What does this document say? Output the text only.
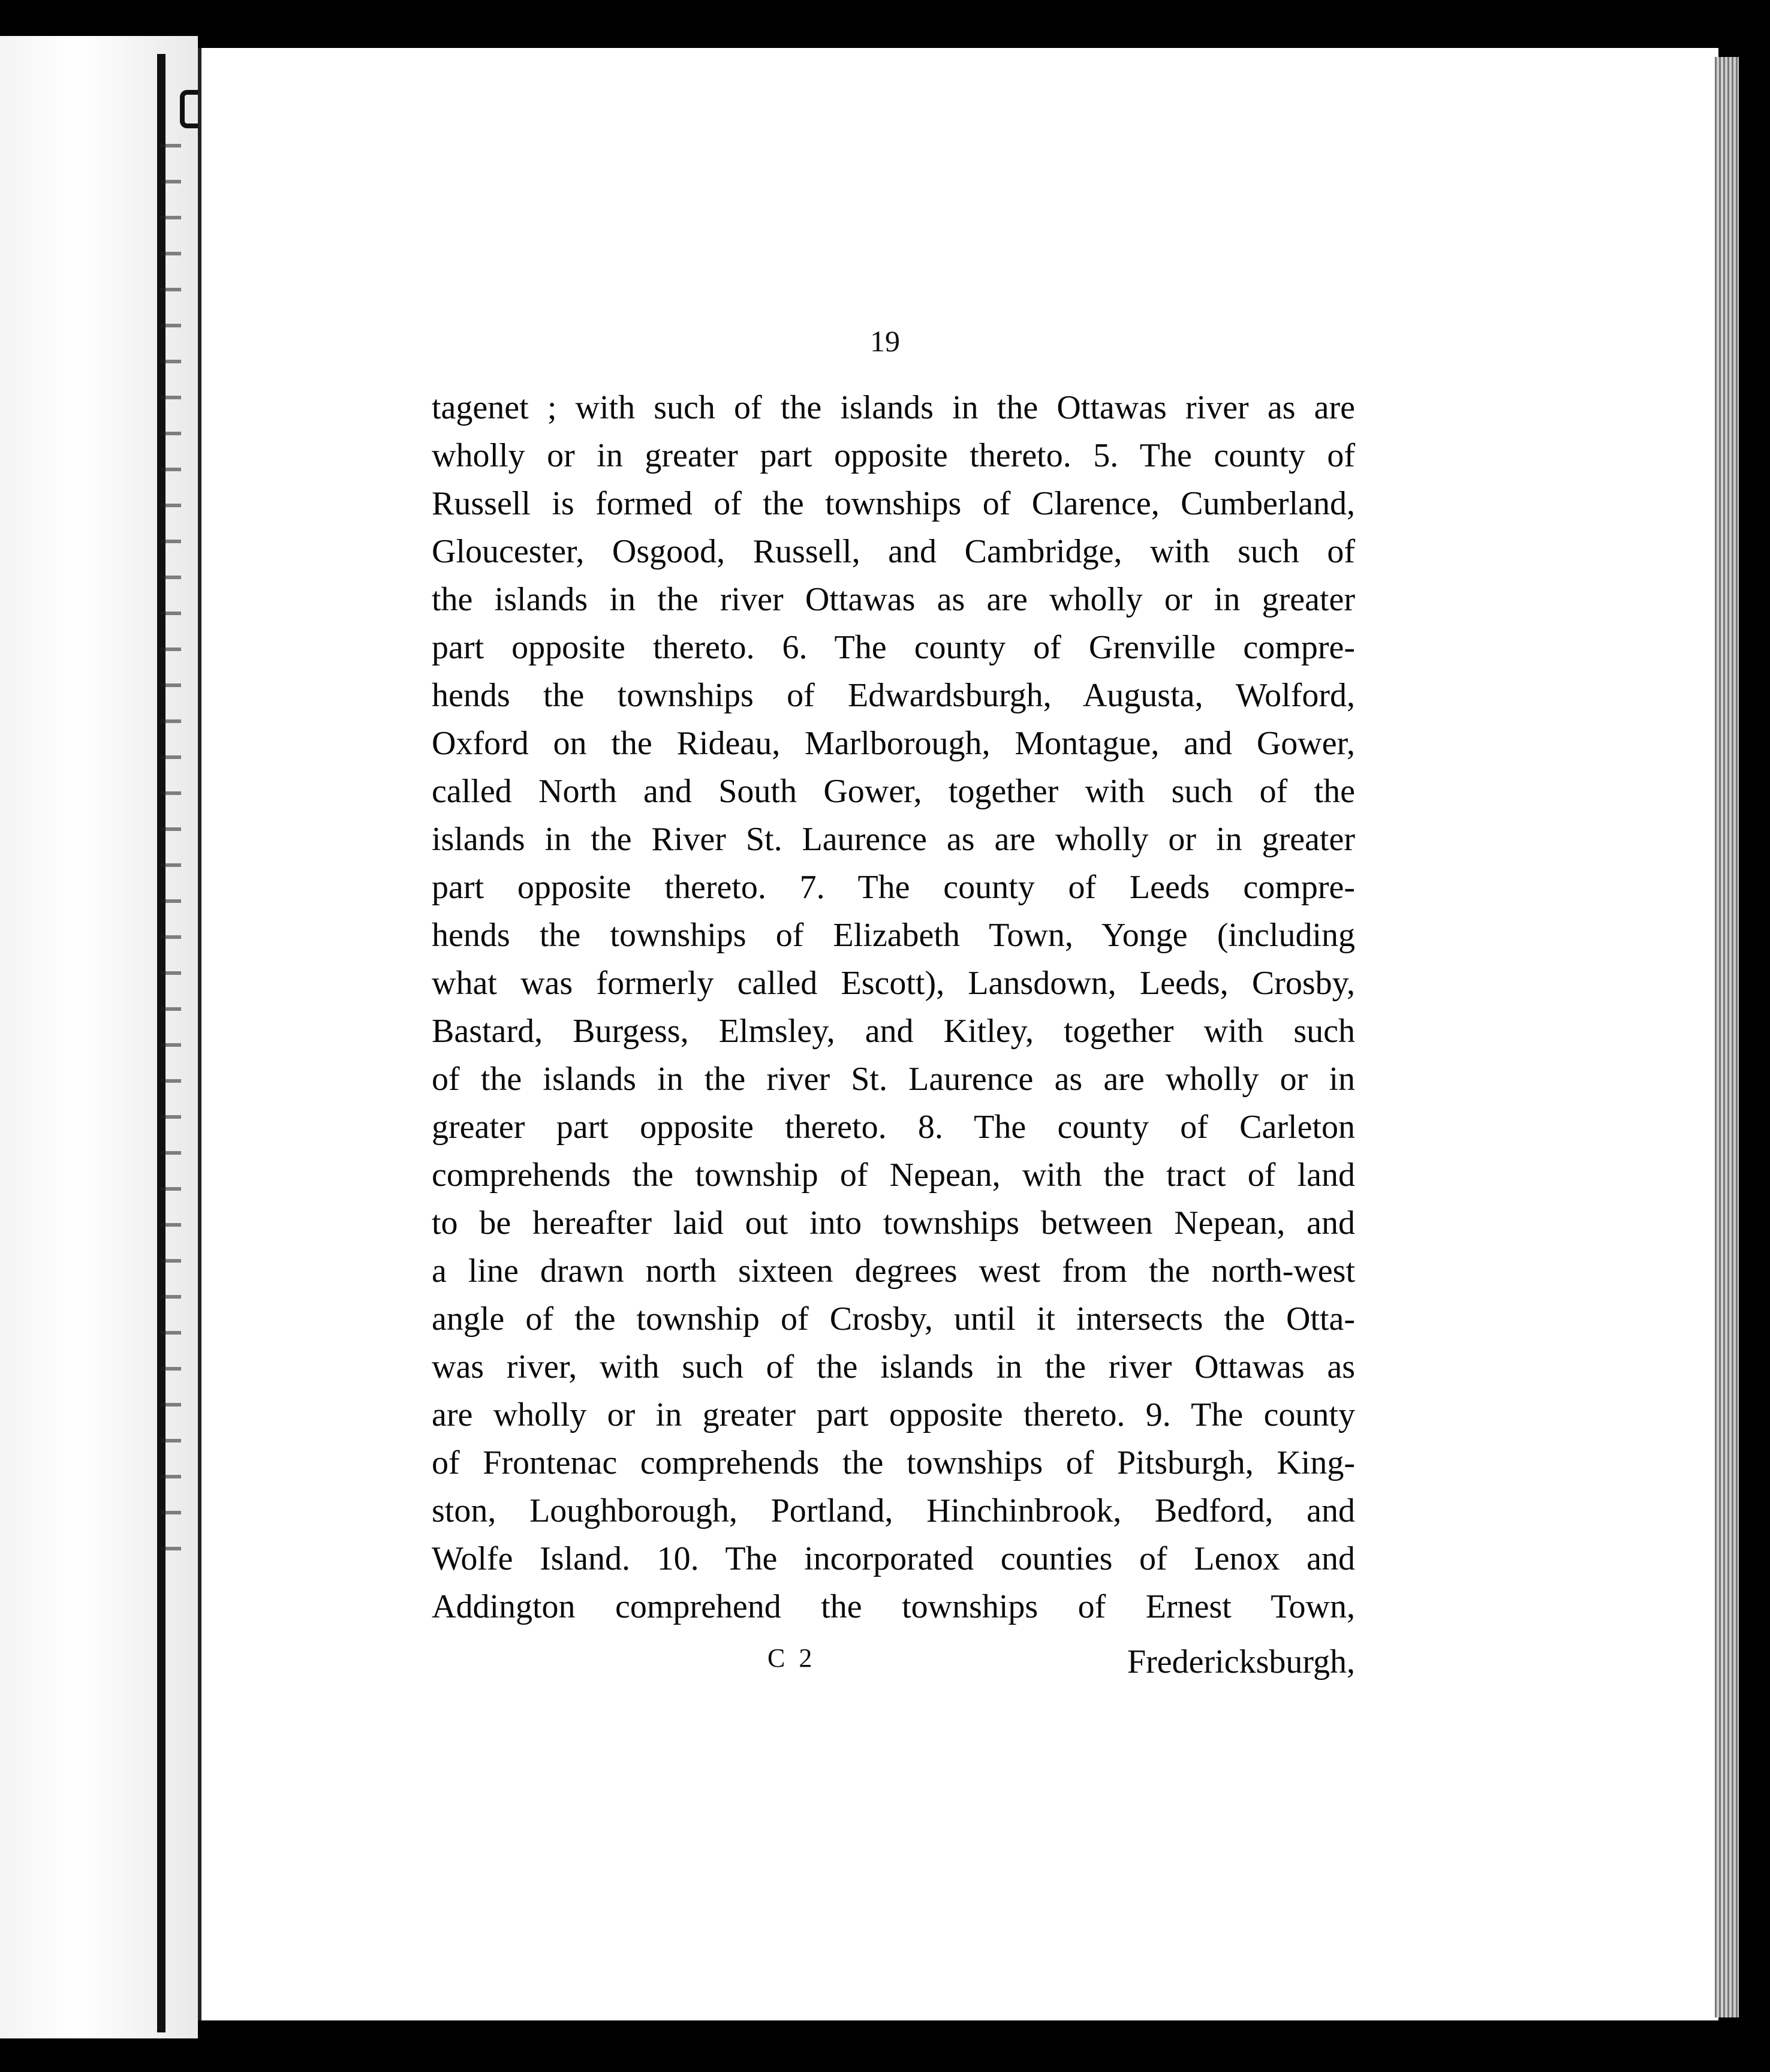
19
tagenet ; with such of the islands in the Ottawas river as are
wholly or in greater part opposite thereto. 5. The county of
Russell is formed of the townships of Clarence, Cumberland,
Gloucester, Osgood, Russell, and Cambridge, with such of
the islands in the river Ottawas as are wholly or in greater
part opposite thereto. 6. The county of Grenville compre-
hends the townships of Edwardsburgh, Augusta, Wolford,
Oxford on the Rideau, Marlborough, Montague, and Gower,
called North and South Gower, together with such of the
islands in the River St. Laurence as are wholly or in greater
part opposite thereto. 7. The county of Leeds compre-
hends the townships of Elizabeth Town, Yonge (including
what was formerly called Escott), Lansdown, Leeds, Crosby,
Bastard, Burgess, Elmsley, and Kitley, together with such
of the islands in the river St. Laurence as are wholly or in
greater part opposite thereto. 8. The county of Carleton
comprehends the township of Nepean, with the tract of land
to be hereafter laid out into townships between Nepean, and
a line drawn north sixteen degrees west from the north-west
angle of the township of Crosby, until it intersects the Otta-
was river, with such of the islands in the river Ottawas as
are wholly or in greater part opposite thereto. 9. The county
of Frontenac comprehends the townships of Pitsburgh, King-
ston, Loughborough, Portland, Hinchinbrook, Bedford, and
Wolfe Island. 10. The incorporated counties of Lenox and
Addington comprehend the townships of Ernest Town,
C 2	Fredericksburgh,
